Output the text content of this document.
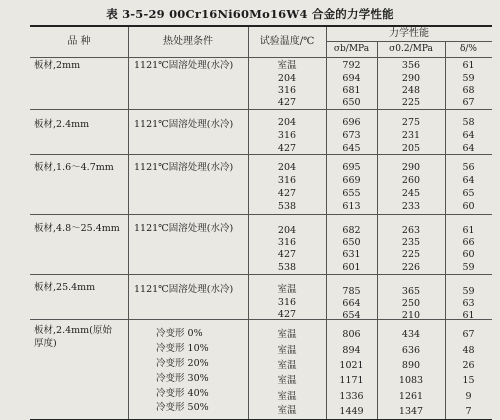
表 3-5-29 00Cr16Ni60Mo16W4 合金的力学性能
品 种	热处理条件	试验温度/℃
力学性能
σb/MPa	σ0.2/MPa	δ/%
板材,2mm	1121℃固溶处理(水冷)	室温	792	356	61
204	694	290	59
316	681	248	68
427	650	225	67
板材,2.4mm	1121℃固溶处理(水冷)	204	696	275	58
316	673	231	64
427	645	205	64
板材,1.6～4.7mm 1121℃固溶处理(水冷)	204	695	290	56
316	669	260	64
427	655	245	65
538	613	233	60
板材,4.8～25.4mm 1121℃固溶处理(水冷)	204	682	263	61
316	650	235	66
427	631	225	60
538	601	226	59
板材,25.4mm	1121℃固溶处理(水冷)	室温	785	365	59
316	664	250	63
427	654	210	61
板材,2.4mm(原始
厚度)
冷变形 0%	室温	806	434	67
冷变形 10%	室温	894	636	48
冷变形 20%	室温	1021	890	26
冷变形 30%	室温	1171	1083	15
冷变形 40%	室温	1336	1261	9
冷变形 50%	室温	1449	1347	7
